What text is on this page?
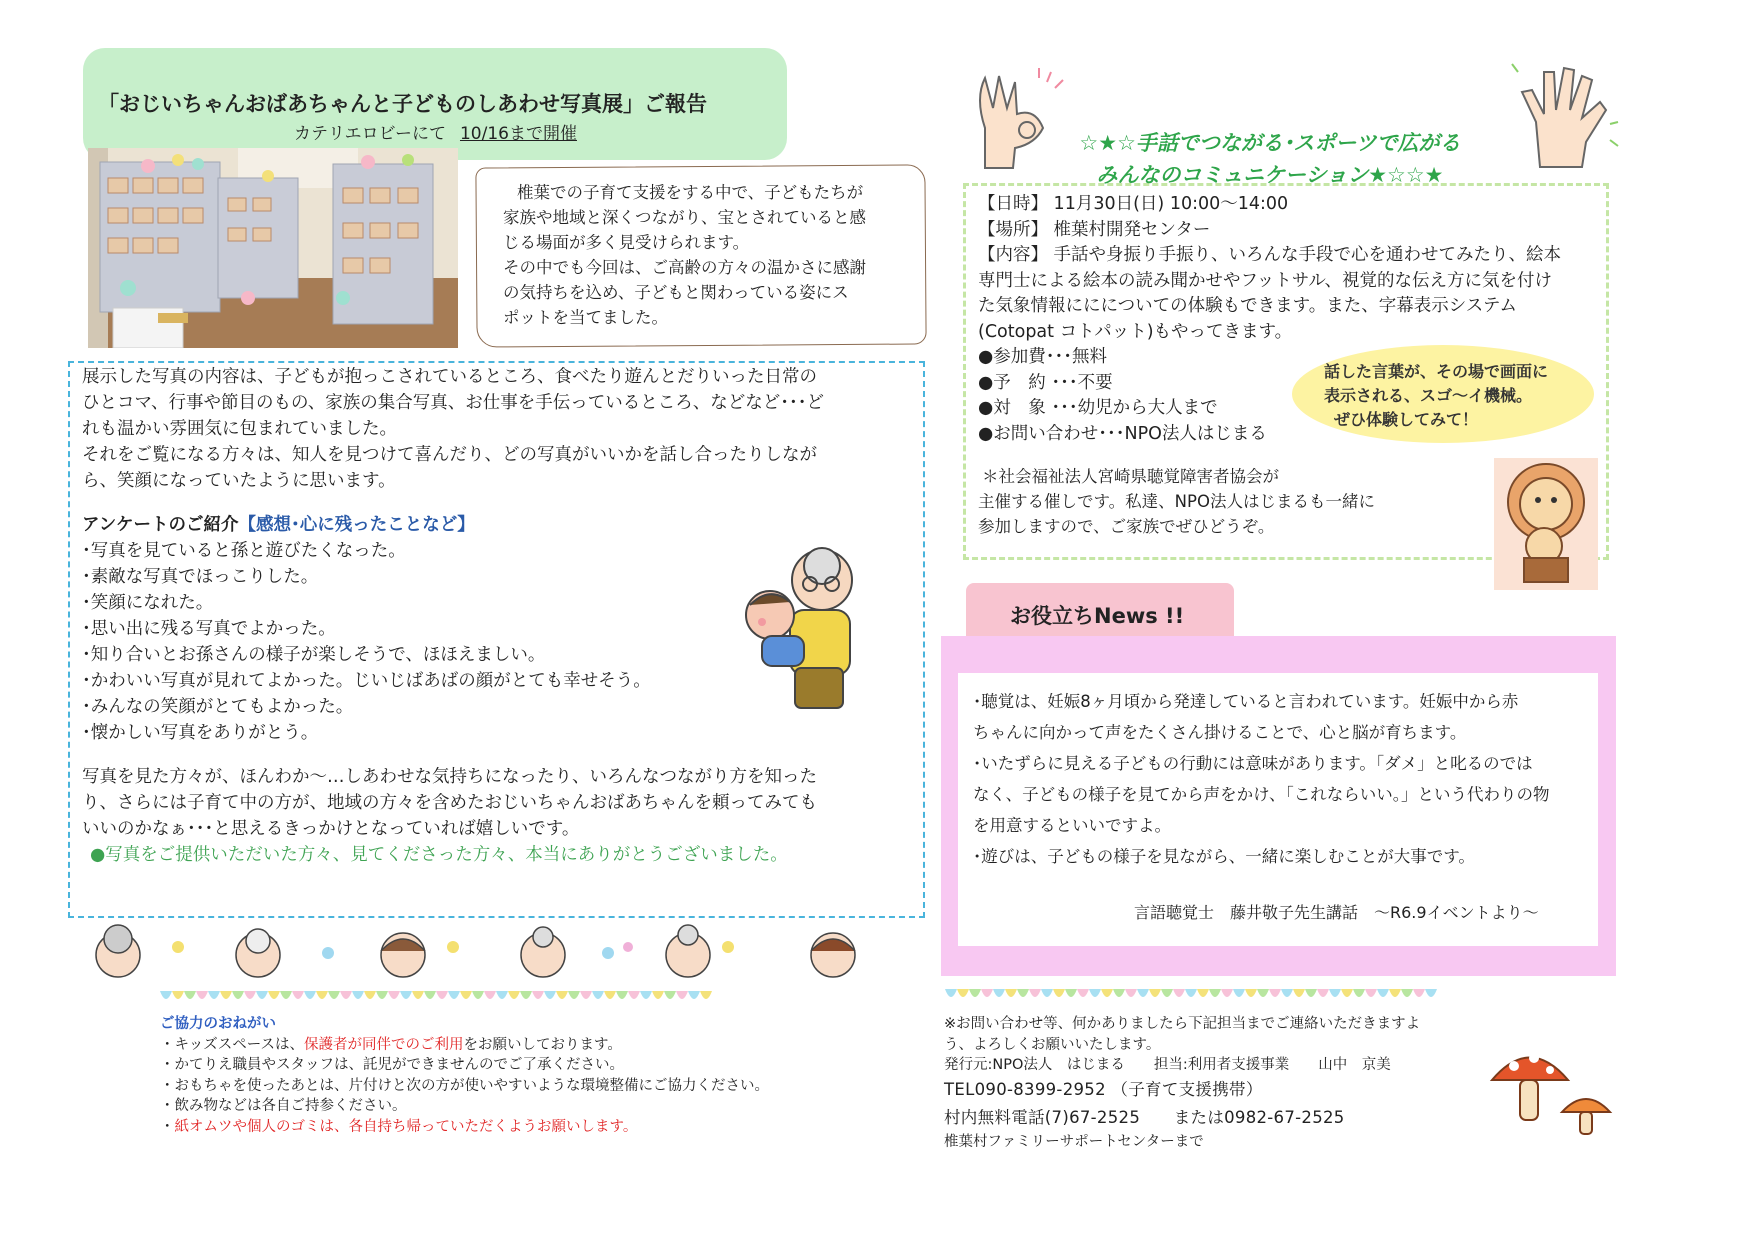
「おじいちゃんおばあちゃんと子どものしあわせ写真展」ご報告
カテリエロビーにて 10/16まで開催

椎葉での子育て支援をする中で、子どもたちが

家族や地域と深くつながり、宝とされていると感

じる場面が多く見受けられます。

その中でも今回は、ご高齢の方々の温かさに感謝

の気持ちを込め、子どもと関わっている姿にス

ポットを当てました。

展示した写真の内容は、子どもが抱っこされているところ、食べたり遊んとだりいった日常の

ひとコマ、行事や節目のもの、家族の集合写真、お仕事を手伝っているところ、などなど･･･ど

れも温かい雰囲気に包まれていました。

それをご覧になる方々は、知人を見つけて喜んだり、どの写真がいいかを話し合ったりしなが

ら、笑顔になっていたように思います。

アンケートのご紹介【感想･心に残ったことなど】

･写真を見ていると孫と遊びたくなった。

･素敵な写真でほっこりした。

･笑顔になれた。

･思い出に残る写真でよかった。

･知り合いとお孫さんの様子が楽しそうで、ほほえましい。

･かわいい写真が見れてよかった。じいじばあばの顔がとても幸せそう。

･みんなの笑顔がとてもよかった。

･懐かしい写真をありがとう。

写真を見た方々が、ほんわか～…しあわせな気持ちになったり、いろんなつながり方を知った

り、さらには子育て中の方が、地域の方々を含めたおじいちゃんおばあちゃんを頼ってみても

いいのかなぁ･･･と思えるきっかけとなっていれば嬉しいです。

●写真をご提供いただいた方々、見てくださった方々、本当にありがとうございました。

ご協力のおねがい

・キッズスペースは、保護者が同伴でのご利用をお願いしております。

・かてりえ職員やスタッフは、託児ができませんのでご了承ください。

・おもちゃを使ったあとは、片付けと次の方が使いやすいような環境整備にご協力ください。

・飲み物などは各自ご持参ください。

・紙オムツや個人のゴミは、各自持ち帰っていただくようお願いします。

☆★☆手話でつながる･スポーツで広がる
みんなのコミュニケーション★☆☆★

【日時】 11月30日(日) 10:00～14:00

【場所】 椎葉村開発センター

【内容】 手話や身振り手振り、いろんな手段で心を通わせてみたり、絵本

専門士による絵本の読み聞かせやフットサル、視覚的な伝え方に気を付け

た気象情報ににについての体験もできます。また、字幕表示システム

(Cotopat コトパット)もやってきます。

●参加費･･･無料

●予　約 ･･･不要

●対　象 ･･･幼児から大人まで

●お問い合わせ･･･NPO法人はじまる

＊社会福祉法人宮崎県聴覚障害者協会が

主催する催しです。私達、NPO法人はじまるも一緒に

参加しますので、ご家族でぜひどうぞ。

話した言葉が、その場で画面に

表示される、スゴ～イ機械。

ぜひ体験してみて！

お役立ちNews !!

･聴覚は、妊娠8ヶ月頃から発達していると言われています。妊娠中から赤

ちゃんに向かって声をたくさん掛けることで、心と脳が育ちます。

･いたずらに見える子どもの行動には意味があります。「ダメ」と叱るのでは

なく、子どもの様子を見てから声をかけ、「これならいい。」という代わりの物

を用意するといいですよ。

･遊びは、子どもの様子を見ながら、一緒に楽しむことが大事です。

言語聴覚士　藤井敬子先生講話　～R6.9イベントより～

※お問い合わせ等、何かありましたら下記担当までご連絡いただきますよ

う、よろしくお願いいたします。

発行元:NPO法人　はじまる　　担当:利用者支援事業　　山中　京美

TEL090-8399-2952 （子育て支援携帯）

村内無料電話(7)67-2525　　または0982-67-2525

椎葉村ファミリーサポートセンターまで
